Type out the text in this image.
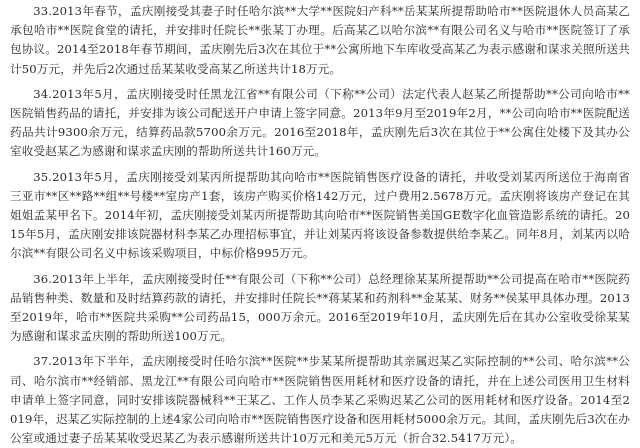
33.2013年春节，孟庆刚接受其妻子时任哈尔滨**大学**医院妇产科**岳某某所提帮助哈市**医院退休人员高某乙承包哈市**医院食堂的请托，并安排时任院长**张某丁办理。后高某乙以哈尔滨**有限公司名义与哈市**医院签订了承包协议。2014至2018年春节期间，孟庆刚先后3次在其位于**公寓所地下车库收受高某乙为表示感谢和谋求关照所送共计50万元，并先后2次通过岳某某收受高某乙所送共计18万元。

34.2013年5月，孟庆刚接受时任黑龙江省**有限公司（下称**公司）法定代表人赵某乙所提帮助**公司向哈市**医院销售药品的请托，并安排为该公司配送开户申请上签字同意。2013年9月至2019年2月，**公司向哈市**医院配送药品共计9300余万元，结算药品款5700余万元。2016至2018年，孟庆刚先后3次在其位于**公寓住处楼下及其办公室收受赵某乙为感谢和谋求孟庆刚的帮助所送共计160万元。

35.2013年5月，孟庆刚接受刘某丙所提帮助其向哈市**医院销售医疗设备的请托，并收受刘某丙所送位于海南省三亚市**区**路**组**号楼**室房产1套，该房产购买价格142万元，过户费用2.5678万元。孟庆刚将该房产登记在其姐姐孟某甲名下。2014年初，孟庆刚接受刘某丙所提帮助其向哈市**医院销售美国GE数字化血管造影系统的请托。2015年5月，孟庆刚安排该院器材科李某乙办理招标事宜，并让刘某丙将该设备参数提供给李某乙。同年8月，刘某丙以哈尔滨**有限公司名义中标该采购项目，中标价格995万元。

36.2013年上半年，孟庆刚接受时任**有限公司（下称**公司）总经理徐某某所提帮助**公司提高在哈市**医院药品销售种类、数量和及时结算药款的请托，并安排时任院长**蒋某某和药剂科**金某某、财务**侯某甲具体办理。2013至2019年，哈市**医院共采购**公司药品15，000万余元。2016至2019年10月，孟庆刚先后在其办公室收受徐某某为感谢和谋求孟庆刚的帮助所送100万元。

37.2013年下半年，孟庆刚接受时任哈尔滨**医院**步某某所提帮助其亲属迟某乙实际控制的**公司、哈尔滨**公司、哈尔滨市**经销部、黑龙江**有限公司向哈市**医院销售医用耗材和医疗设备的请托，并在上述公司医用卫生材料申请单上签字同意，同时安排该院器械科**王某乙、工作人员李某乙采购迟某乙公司的医用耗材和医疗设备。2014至2019年，迟某乙实际控制的上述4家公司向哈市**医院销售医疗设备和医用耗材5000余万元。其间，孟庆刚先后3次在办公室或通过妻子岳某某收受迟某乙为表示感谢所送共计10万元和美元5万元（折合32.5417万元）。
